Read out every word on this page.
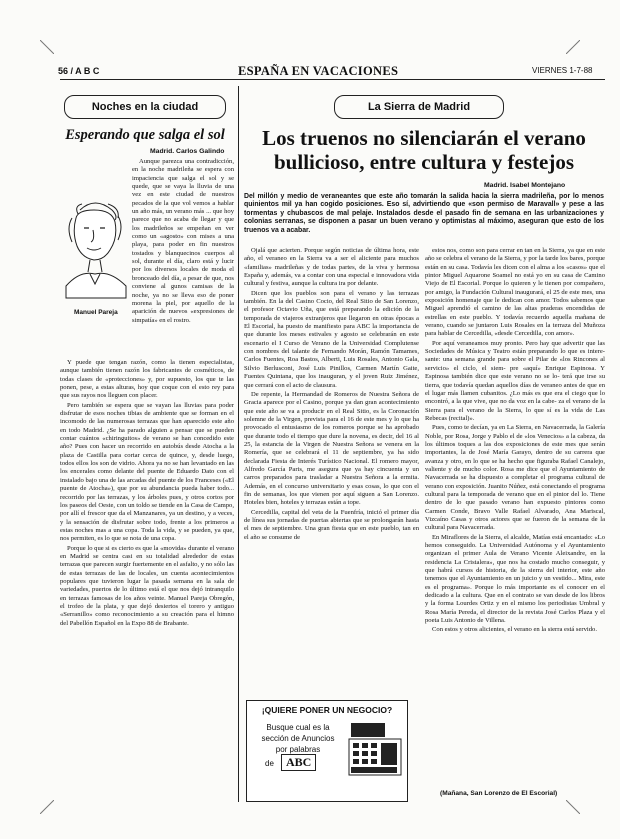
56 / A B C	ESPAÑA EN VACACIONES	VIERNES 1-7-88
Noches en la ciudad
Esperando que salga el sol
Madrid. Carlos Galindo
Manuel Pareja

Aunque parezca una contradicción, en la noche madrileña se espera con impaciencia que salga el sol y se quede, que se vaya la lluvia de una vez en este ciudad de nuestros pecados de la que vol vemos a hablar un año más, un verano más ... que hoy parece que no acaba de llegar y que los madrileños se empeñan en ver como un «agosto» con mises a una playa, para poder en fin nuestros tostados y blanquecinos cuerpos al sol, durante el día, claro está y lucir por los diversos locales de moda el bronceado del día, a pesar de que, nos conviene al gunos camisas de la noche, ya no se lleva eso de poner morena la piel, por aquello de la aparición de nuevos «expresiones de simpatía» en el rostro.

Y puede que tengan razón, como la tienen especialistas, aunque también tienen razón los fabricantes de cosméticos, de todas clases de «protecciones» y, por supuesto, los que te las ponen, pese, a estas alturas, hoy que coque con el esto rey para que sus rayos nos lleguen con placer.

Pero también se espera que se vayan las lluvias para poder disfrutar de esos noches tibias de ambiente que se forman en el incomodo de las numerosas terrazas que han aparecido este año en todo Madrid. ¿Se ha parado alguien a pensar que se pueden contar cuántos «chiringuitos» de verano se han concedido este año? Pues con hacer un recorrido en autobús desde Atocha a la plaza de Castilla para cortar cerca de quince, y, desde luego, todos ellos los son de vidrio. Ahora ya no se han levantado en las los encerales como delante del puente de Eduardo Dato con el instalado bajo una de las arcadas del puente de los Franceses («El puente de Atocha»), que por su abundancia pueda haber todo... recorrido por las terrazas, y los árboles pues, y otros cortos por los paseos del Oeste, con un toldo se tiende en la Casa de Campo, por allí el frescor que da el Manzanares, ya un destino, y a veces, y la sensación de disfrutar sobre todo, frente a los primeros a estas noches mas a una copa. Toda la vida, y se pueden, ya que, nos permiten, es lo que se nota de una copa.

Porque lo que si es cierto es que la «movida» durante el verano en Madrid se centra casi en su totalidad alrededor de estas terrazas que parecen surgir fuertemente en el asfalto, y no sólo las de estas terrazas de las de locales, un cuenta acontecimientos populares que tuvieron lugar la pasada semana en la sala de variedades, puertos de lo último está el que nos dejó intranquilo en terrazas famosas de los años veinte. Manuel Pareja Obregón, el trofeo de la plata, y que dejó desiertos el torero y antiguo «Serranillo» como reconocimiento a su creación para el himno del Pabellón Español en la Expo 88 de Brabante.

La Sierra de Madrid
Los truenos no silenciarán el verano bullicioso, entre cultura y festejos
Madrid. Isabel Montejano
Del millón y medio de veraneantes que este año tomarán la salida hacia la sierra madrileña, por lo menos quinientos mil ya han cogido posiciones. Eso sí, advirtiendo que «son permiso de Maravall» y pese a las tormentas y chubascos de mal pelaje. Instalados desde el pasado fin de semana en las urbanizaciones y colonias serranas, se disponen a pasar un buen verano y optimistas al máximo, aseguran que esto de los truenos va a acabar.

Ojalá que acierten. Porque según noticias de última hora, este año, el veraneo en la Sierra va a ser el aliciente para muchos «familias» madrileñas y de todas partes, de la viva y hermosa España y, además, va a contar con una especial e innovadora vida cultural y festiva, aunque la cultura ira por delante.

Dicen que los pueblos son para el verano y las terrazas también. En la del Casino Cocio, del Real Sitio de San Lorenzo, el profesor Octavio Uña, que está preparando la edición de la temporada de viajeros extranjeros que llegaron en otras épocas a El Escorial, ha puesto de manifiesto para ABC la importancia de que durante los meses estivales y agosto se celebrarán en este escenario el I Curso de Verano de la Universidad Complutense con nombres del talante de Fernando Morán, Ramón Tamames, Carlos Fuentes, Roa Bastos, Alberti, Luis Rosales, Antonio Gala, Silvio Berlusconi, José Luis Pinillos, Carmen Martín Gaite, Fuentes Quintana, que los inauguran, y el joven Ruiz Jiménez, que cerrará con el acto de clausura.

De repente, la Hermandad de Romeros de Nuestra Señora de Gracia aparece por el Casino, porque ya dan gran acontecimiento que este año se va a producir en el Real Sitio, es la Coronación solemne de la Virgen, prevista para el 16 de este mes y lo que ha provocado el entusiasmo de los romeros porque se ha aprobado que durante todo el tiempo que dure la novena, es decir, del 16 al 25, la estancia de la Virgen de Nuestra Señora se venera en la Romería, que se celebrará el 11 de septiembre, ya ha sido declarada Fiesta de Interés Turístico Nacional. El romero mayor, Alfredo García Paris, me asegura que ya hay cincuenta y un carros preparados para trasladar a Nuestra Señora a la ermita. Además, en el concurso universitario y esas cosas, lo que con el fin de semanas, los que vienen por aquí siguen a San Lorenzo. Hoteles bien, hoteles y terrazas están a tope.

Cercedilla, capital del veta de la Fuenfría, inició el primer día de línea sus jornadas de puertas abiertas que se prolongarán hasta el mes de septiembre. Una gran fiesta que en este pueblo, tan en el año se consume de

¡QUIERE PONER UN NEGOCIO?
Busque cual es la
sección de Anuncios
por palabras
de	ABC

estos nos, como son para cerrar en tan en la Sierra, ya que en este año se celebra el verano de la Sierra, y por la tarde los bares, porque están en su casa. Todavía les dicen con el alma a los «casos» que el pintor Miguel Aquarone Soamel no está yo en su casa de Camino Viejo de El Escorial. Porque lo quieren y le tienen por compañero, por amigo, la Fundación Cultural inaugurará, el 25 de este mes, una exposición homenaje que le dedican con amor. Todos sabemos que Miguel aprendió el camino de las altas praderas encendidas de estrellas en este pueblo. Y todavía recuerdo aquella mañana de verano, cuando se juntaron Luis Rosales en la terraza del Muñoza para hablar de Cercedilla, «desde Cercedilla, con amor».

Por aquí veraneamos muy pronto. Pero hay que advertir que las Sociedades de Música y Teatro están preparando lo que es intere- sante: una semana grande para sobre el Pilar de «los Rincones al servicio» el ciclo, el siem- pre «aquí» Enrique Espinosa. Y Espinosa también dice que este verano no se lo- terá que irse su tierra, que todavía quedan aquellos días de veraneo antes de que en el lugar más llamen cubanitos. ¿Lo más es que era el ciego que lo encontró, a la que vive, que no da voz en la cabe- za el verano de la Sierra para el verano de la Sierra, lo que sí es la vida de Las Rebecas (recital)».

Pues, como te decían, ya en La Sierra, en Navacerrada, la Galería Noble, por Rosa, Jorge y Pablo el de «los Venecios» a la cabeza, da los últimos toques a las dos exposiciones de este mes que serán importantes, la de José María Garayo, dentro de su carrera que avanza y otro, en lo que se ha hecho que figuraba Rafael Canalejo, valiente y de mucho color. Rosa me dice que el Ayuntamiento de Navacerrada se ha dispuesto a completar el programa cultural de verano con exposición. Juanito Núñez, está conectando el programa cultural para la temporada de verano que en el pintor del lo. Tiene dentro de lo que pasado verano han expuesto pintores como Carmen Conde, Bravo Valle Rafael Alvarado, Ana Mariscal, Vizcaíno Casas y otros actores que se fueron de la semana de la cultural para Navacerrada.

En Miraflores de la Sierra, el alcalde, Matías está encantado: «Lo hemos conseguido. La Universidad Autónoma y el Ayuntamiento organizan el primer Aula de Verano Vicente Aleixandre, en la residencia La Cristalera», que nos ha costado mucho conseguir, y que habrá cursos de historia, de la sierra del interior, este año tenemos que el Ayuntamiento en un juicio y un vestido... Mira, este es el programa». Porque lo más importante es el conocer en el dedicado a la cultura. Que en el contrato se van desde de los libros y la forma Lourdes Ortiz y en el mismo los periodistas Umbral y Rosa María Pereda, el director de la revista José Carlos Plaza y el poeta Luis Antonio de Villena.

Con estos y otros alicientes, el verano en la sierra está servido.

(Mañana, San Lorenzo de El Escorial)
